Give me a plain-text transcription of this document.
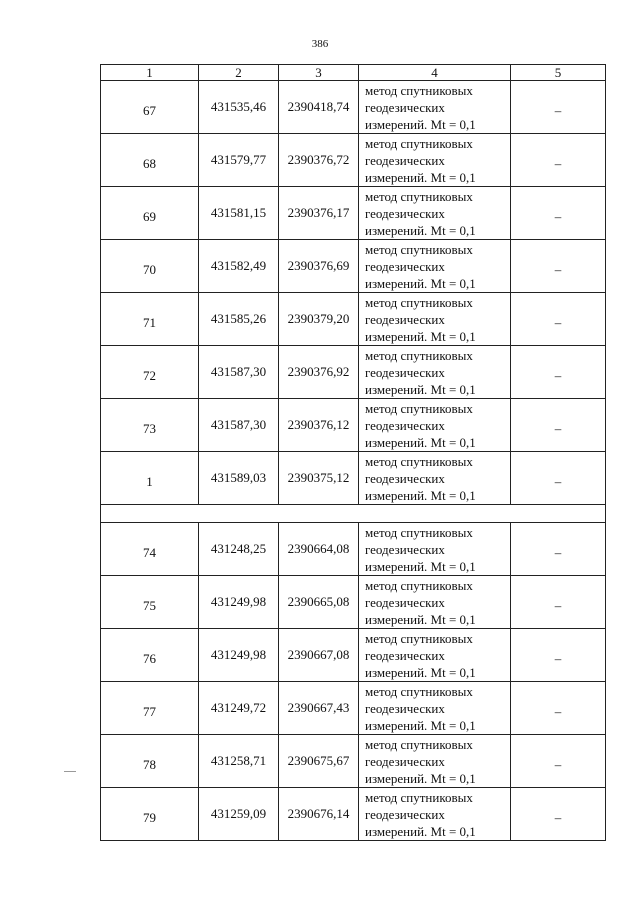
386
1	2	3	4	5
67	431535,46	2390418,74	метод спутниковых
геодезических
измерений. Mt = 0,1	–
68	431579,77	2390376,72	метод спутниковых
геодезических
измерений. Mt = 0,1	–
69	431581,15	2390376,17	метод спутниковых
геодезических
измерений. Mt = 0,1	–
70	431582,49	2390376,69	метод спутниковых
геодезических
измерений. Mt = 0,1	–
71	431585,26	2390379,20	метод спутниковых
геодезических
измерений. Mt = 0,1	–
72	431587,30	2390376,92	метод спутниковых
геодезических
измерений. Mt = 0,1	–
73	431587,30	2390376,12	метод спутниковых
геодезических
измерений. Mt = 0,1	–
1	431589,03	2390375,12	метод спутниковых
геодезических
измерений. Mt = 0,1	–

74	431248,25	2390664,08	метод спутниковых
геодезических
измерений. Mt = 0,1	–
75	431249,98	2390665,08	метод спутниковых
геодезических
измерений. Mt = 0,1	–
76	431249,98	2390667,08	метод спутниковых
геодезических
измерений. Mt = 0,1	–
77	431249,72	2390667,43	метод спутниковых
геодезических
измерений. Mt = 0,1	–
78	431258,71	2390675,67	метод спутниковых
геодезических
измерений. Mt = 0,1	–
79	431259,09	2390676,14	метод спутниковых
геодезических
измерений. Mt = 0,1	–
